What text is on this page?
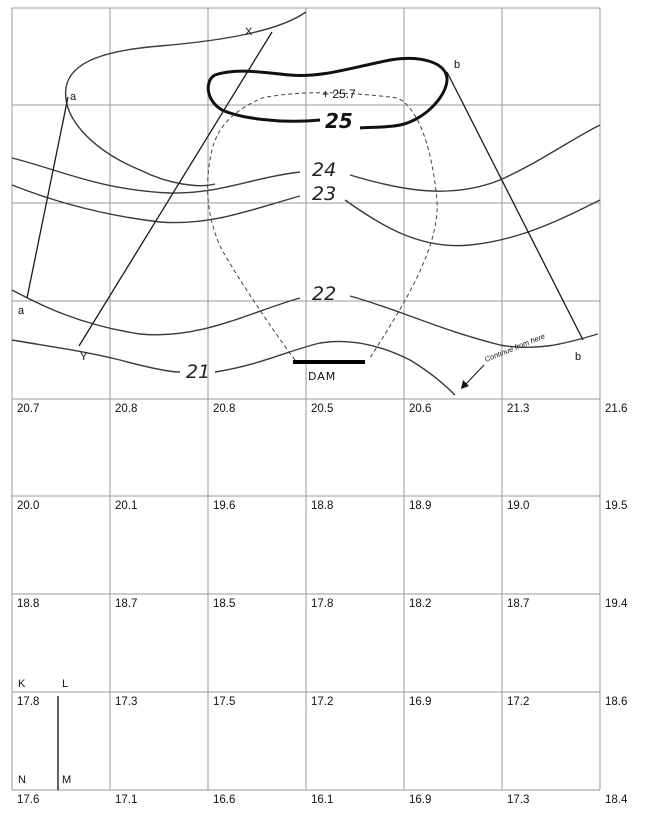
Continue from here
25
24
23
22
21
+ 25.7
DAM
X
Y
a
a
b
b
20.7	20.8	20.8	20.5	20.6	21.3	21.6
20.0	20.1	19.6	18.8	18.9	19.0	19.5
18.8	18.7	18.5	17.8	18.2	18.7	19.4
17.8	17.3	17.5	17.2	16.9	17.2	18.6
17.6	17.1	16.6	16.1	16.9	17.3	18.4
K	L
N	M
